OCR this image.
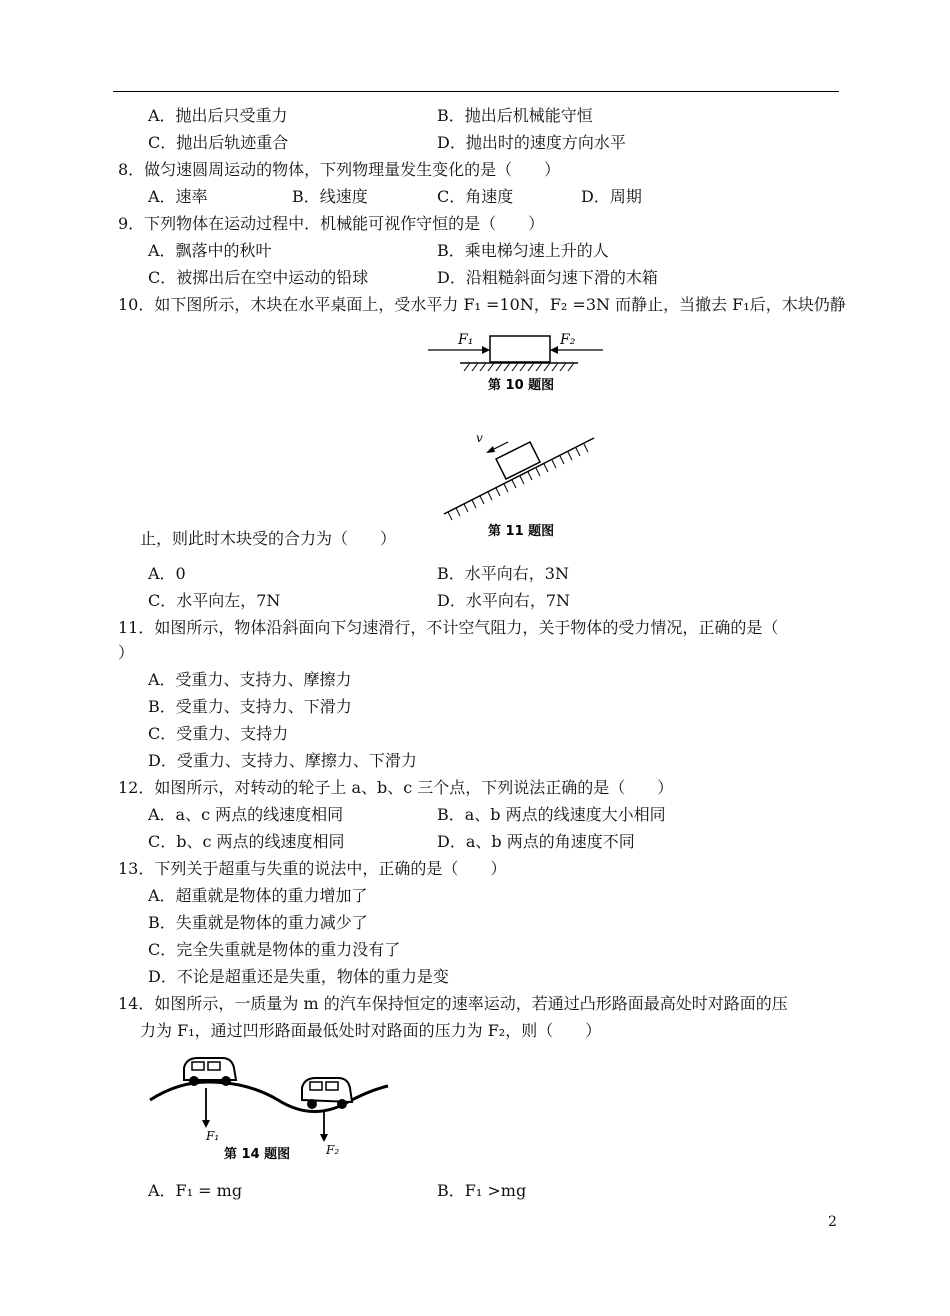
A．抛出后只受重力	B．抛出后机械能守恒
C．抛出后轨迹重合	D．抛出时的速度方向水平
8．做匀速圆周运动的物体，下列物理量发生变化的是（　　）
A．速率	B．线速度	C．角速度	D．周期
9．下列物体在运动过程中．机械能可视作守恒的是（　　）
A．飘落中的秋叶	B．乘电梯匀速上升的人
C．被掷出后在空中运动的铅球	D．沿粗糙斜面匀速下滑的木箱
10．如下图所示，木块在水平桌面上，受水平力 F₁ =10N，F₂ =3N 而静止，当撤去 F₁后，木块仍静
F₁	F₂
第 10 题图
v
第 11 题图
止，则此时木块受的合力为（　　）
A．0	B．水平向右，3N
C．水平向左，7N	D．水平向右，7N
11．如图所示，物体沿斜面向下匀速滑行，不计空气阻力，关于物体的受力情况，正确的是（
）
A．受重力、支持力、摩擦力
B．受重力、支持力、下滑力
C．受重力、支持力
D．受重力、支持力、摩擦力、下滑力
12．如图所示，对转动的轮子上 a、b、c 三个点，下列说法正确的是（　　）
A．a、c 两点的线速度相同	B．a、b 两点的线速度大小相同
C．b、c 两点的线速度相同	D．a、b 两点的角速度不同
13．下列关于超重与失重的说法中，正确的是（　　）
A．超重就是物体的重力增加了
B．失重就是物体的重力减少了
C．完全失重就是物体的重力没有了
D．不论是超重还是失重，物体的重力是变
14．如图所示，一质量为 m 的汽车保持恒定的速率运动，若通过凸形路面最高处时对路面的压
力为 F₁，通过凹形路面最低处时对路面的压力为 F₂，则（　　）
F₁
F₂
第 14 题图
A．F₁ = mg	B．F₁ >mg
2
